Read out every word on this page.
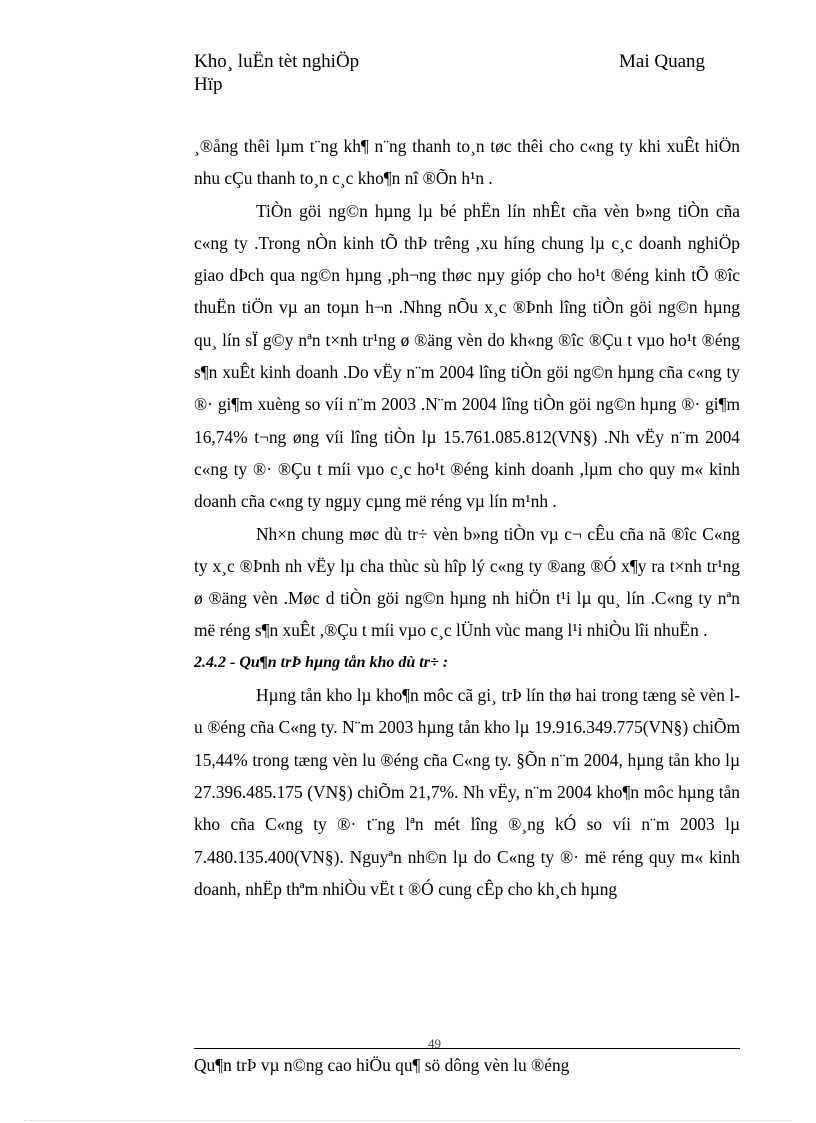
Kho¸ luËn tèt nghiÖp
Hïp
Mai Quang

¸®ång thêi lµm t¨ng kh¶ n¨ng thanh to¸n tøc thêi cho c«ng ty khi xuÊt hiÖn nhu cÇu thanh to¸n c¸c kho¶n nî ®Õn h¹n .

TiÒn göi ng©n hµng lµ bé phËn lín nhÊt cña vèn b»ng tiÒn cña c«ng ty .Trong nÒn kinh tÕ thÞ trêng ,xu híng chung lµ c¸c doanh nghiÖp giao dÞch qua ng©n hµng ,ph¬ng thøc nµy gióp cho ho¹t ®éng kinh tÕ ®îc thuËn tiÖn vµ an toµn h¬n .Nhng nÕu x¸c ®Þnh lîng tiÒn göi ng©n hµng qu¸ lín sÏ g©y nªn t×nh tr¹ng ø ®äng vèn do kh«ng ®îc ®Çu t vµo ho¹t ®éng s¶n xuÊt kinh doanh .Do vËy n¨m 2004 lîng tiÒn göi ng©n hµng cña c«ng ty ®· gi¶m xuèng so víi n¨m 2003 .N¨m 2004 lîng tiÒn göi ng©n hµng ®· gi¶m 16,74% t¬ng øng víi lîng tiÒn lµ 15.761.085.812(VN§) .Nh vËy n¨m 2004 c«ng ty ®· ®Çu t míi vµo c¸c ho¹t ®éng kinh doanh ,lµm cho quy m« kinh doanh cña c«ng ty ngµy cµng më réng vµ lín m¹nh .

Nh×n chung møc dù tr÷ vèn b»ng tiÒn vµ c¬ cÊu cña nã ®îc C«ng ty x¸c ®Þnh nh vËy lµ cha thùc sù hîp lý c«ng ty ®ang ®Ó x¶y ra t×nh tr¹ng ø ®äng vèn .Møc d tiÒn göi ng©n hµng nh hiÖn t¹i lµ qu¸ lín .C«ng ty nªn më réng s¶n xuÊt ,®Çu t míi vµo c¸c lÜnh vùc mang l¹i nhiÒu lîi nhuËn .

2.4.2 - Qu¶n trÞ hµng tån kho dù tr÷ :

Hµng tån kho lµ kho¶n môc cã gi¸ trÞ lín thø hai trong tæng sè vèn lu ®éng cña C«ng ty. N¨m 2003 hµng tån kho lµ 19.916.349.775(VN§) chiÕm 15,44% trong tæng vèn lu ®éng cña C«ng ty. §Õn n¨m 2004, hµng tån kho lµ 27.396.485.175 (VN§) chiÕm 21,7%. Nh vËy, n¨m 2004 kho¶n môc hµng tån kho cña C«ng ty ®· t¨ng lªn mét lîng ®¸ng kÓ so víi n¨m 2003 lµ 7.480.135.400(VN§). Nguyªn nh©n lµ do C«ng ty ®· më réng quy m« kinh doanh, nhËp thªm nhiÒu vËt t ®Ó cung cÊp cho kh¸ch hµng

49
Qu¶n trÞ vµ n©ng cao hiÖu qu¶ sö dông vèn lu ®éng
